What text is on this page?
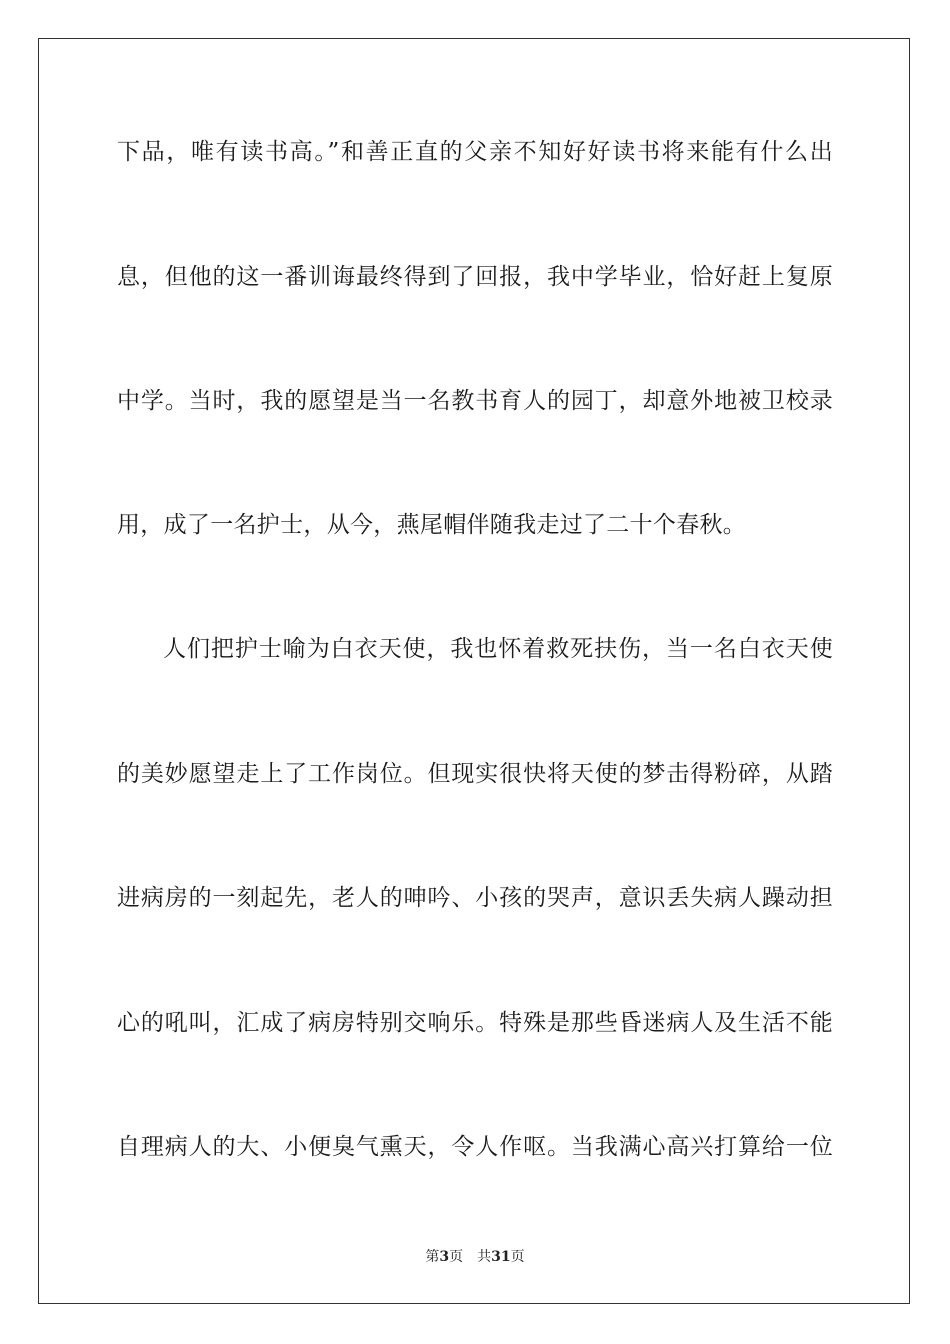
下品，唯有读书高。”和善正直的父亲不知好好读书将来能有什么出
息，但他的这一番训诲最终得到了回报，我中学毕业，恰好赶上复原
中学。当时，我的愿望是当一名教书育人的园丁，却意外地被卫校录
用，成了一名护士，从今，燕尾帽伴随我走过了二十个春秋。
人们把护士喻为白衣天使，我也怀着救死扶伤，当一名白衣天使
的美妙愿望走上了工作岗位。但现实很快将天使的梦击得粉碎，从踏
进病房的一刻起先，老人的呻吟、小孩的哭声，意识丢失病人躁动担
心的吼叫，汇成了病房特别交响乐。特殊是那些昏迷病人及生活不能
自理病人的大、小便臭气熏天，令人作呕。当我满心高兴打算给一位
第3页 共31页
